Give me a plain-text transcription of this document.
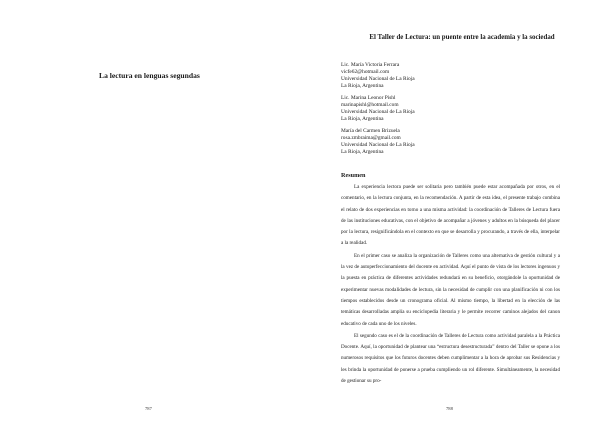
La lectura en lenguas segundas
787
El Taller de Lectura: un puente entre la academia y la sociedad
Lic. María Victoria Ferrara
vicfe62@hotmail.com
Universidad Nacional de La Rioja
La Rioja, Argentina
Lic. Marina Leonor Pishl
marinapishl@hotmail.com
Universidad Nacional de La Rioja
La Rioja, Argentina
María del Carmen Brizuela
rosa.zmbraima@gmail.com
Universidad Nacional de La Rioja
La Rioja, Argentina
Resumen

La experiencia lectora puede ser solitaria pero también puede estar acompañada por otros, en el comentario, en la lectura conjunta, en la recomendación. A partir de esta idea, el presente trabajo combina el relato de dos experiencias en torno a una misma actividad: la coordinación de Talleres de Lectura fuera de las instituciones educativas, con el objetivo de acompañar a jóvenes y adultos en la búsqueda del placer por la lectura, resignificándola en el contexto en que se desarrolla y procurando, a través de ella, interpelar a la realidad.

En el primer caso se analiza la organización de Talleres como una alternativa de gestión cultural y a la vez de autoperfeccionamiento del docente en actividad. Aquí el punto de vista de los lectores ingenuos y la puesta en práctica de diferentes actividades redundará en su beneficio, otorgándole la oportunidad de experimentar nuevas modalidades de lectura, sin la necesidad de cumplir con una planificación ni con los tiempos establecidos desde un cronograma oficial. Al mismo tiempo, la libertad en la elección de las temáticas desarrolladas amplía su enciclopedia literaria y le permite recorrer caminos alejados del canon educativo de cada uno de los niveles.

El segundo caso es el de la coordinación de Talleres de Lectura como actividad paralela a la Práctica Docente. Aquí, la oportunidad de plantear una “estructura desestructurada” dentro del Taller se opone a los numerosos requisitos que los futuros docentes deben cumplimentar a la hora de aprobar sus Residencias y les brinda la oportunidad de ponerse a prueba cumpliendo un rol diferente. Simultáneamente, la necesidad de gestionar su pro-

788
